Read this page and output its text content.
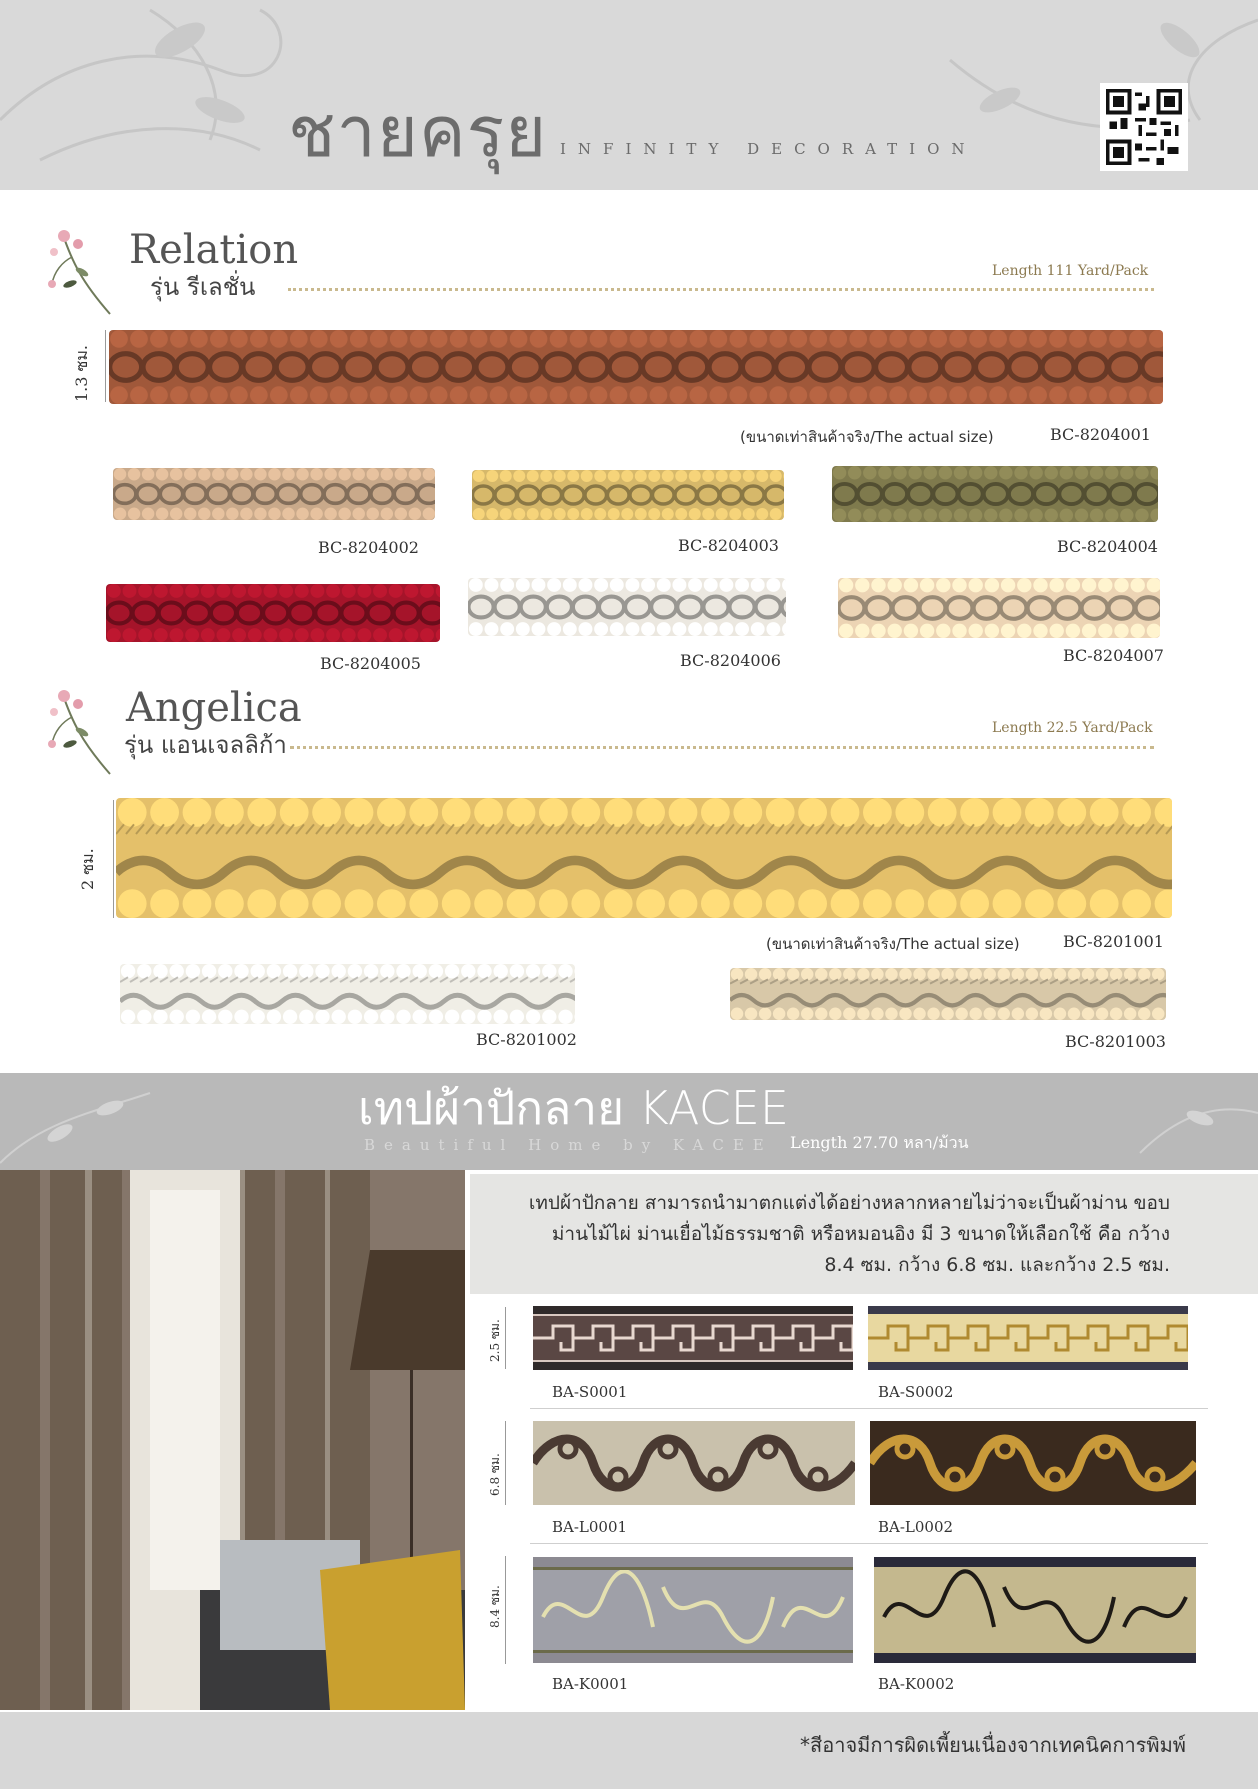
ชายครุย INFINITY DECORATION
Relation
รุ่น รีเลชั่น
Length 111 Yard/Pack
1.3 ซม.
(ขนาดเท่าสินค้าจริง/The actual size)	BC-8204001
BC-8204002	BC-8204003	BC-8204004
BC-8204005	BC-8204006	BC-8204007
Angelica
รุ่น แอนเจลลิก้า
Length 22.5 Yard/Pack
2 ซม.
(ขนาดเท่าสินค้าจริง/The actual size)	BC-8201001
BC-8201002	BC-8201003
เทปผ้าปักลาย KACEE
Beautiful Home by KACEE Length 27.70 หลา/ม้วน
เทปผ้าปักลาย สามารถนำมาตกแต่งได้อย่างหลากหลายไม่ว่าจะเป็นผ้าม่าน ขอบม่านไม้ไผ่ ม่านเยื่อไม้ธรรมชาติ หรือหมอนอิง มี 3 ขนาดให้เลือกใช้ คือ กว้าง 8.4 ซม. กว้าง 6.8 ซม. และกว้าง 2.5 ซม.
2.5 ซม.
6.8 ซม.
8.4 ซม.
BA-S0001	BA-S0002
BA-L0001	BA-L0002
BA-K0001	BA-K0002
*สีอาจมีการผิดเพี้ยนเนื่องจากเทคนิคการพิมพ์
